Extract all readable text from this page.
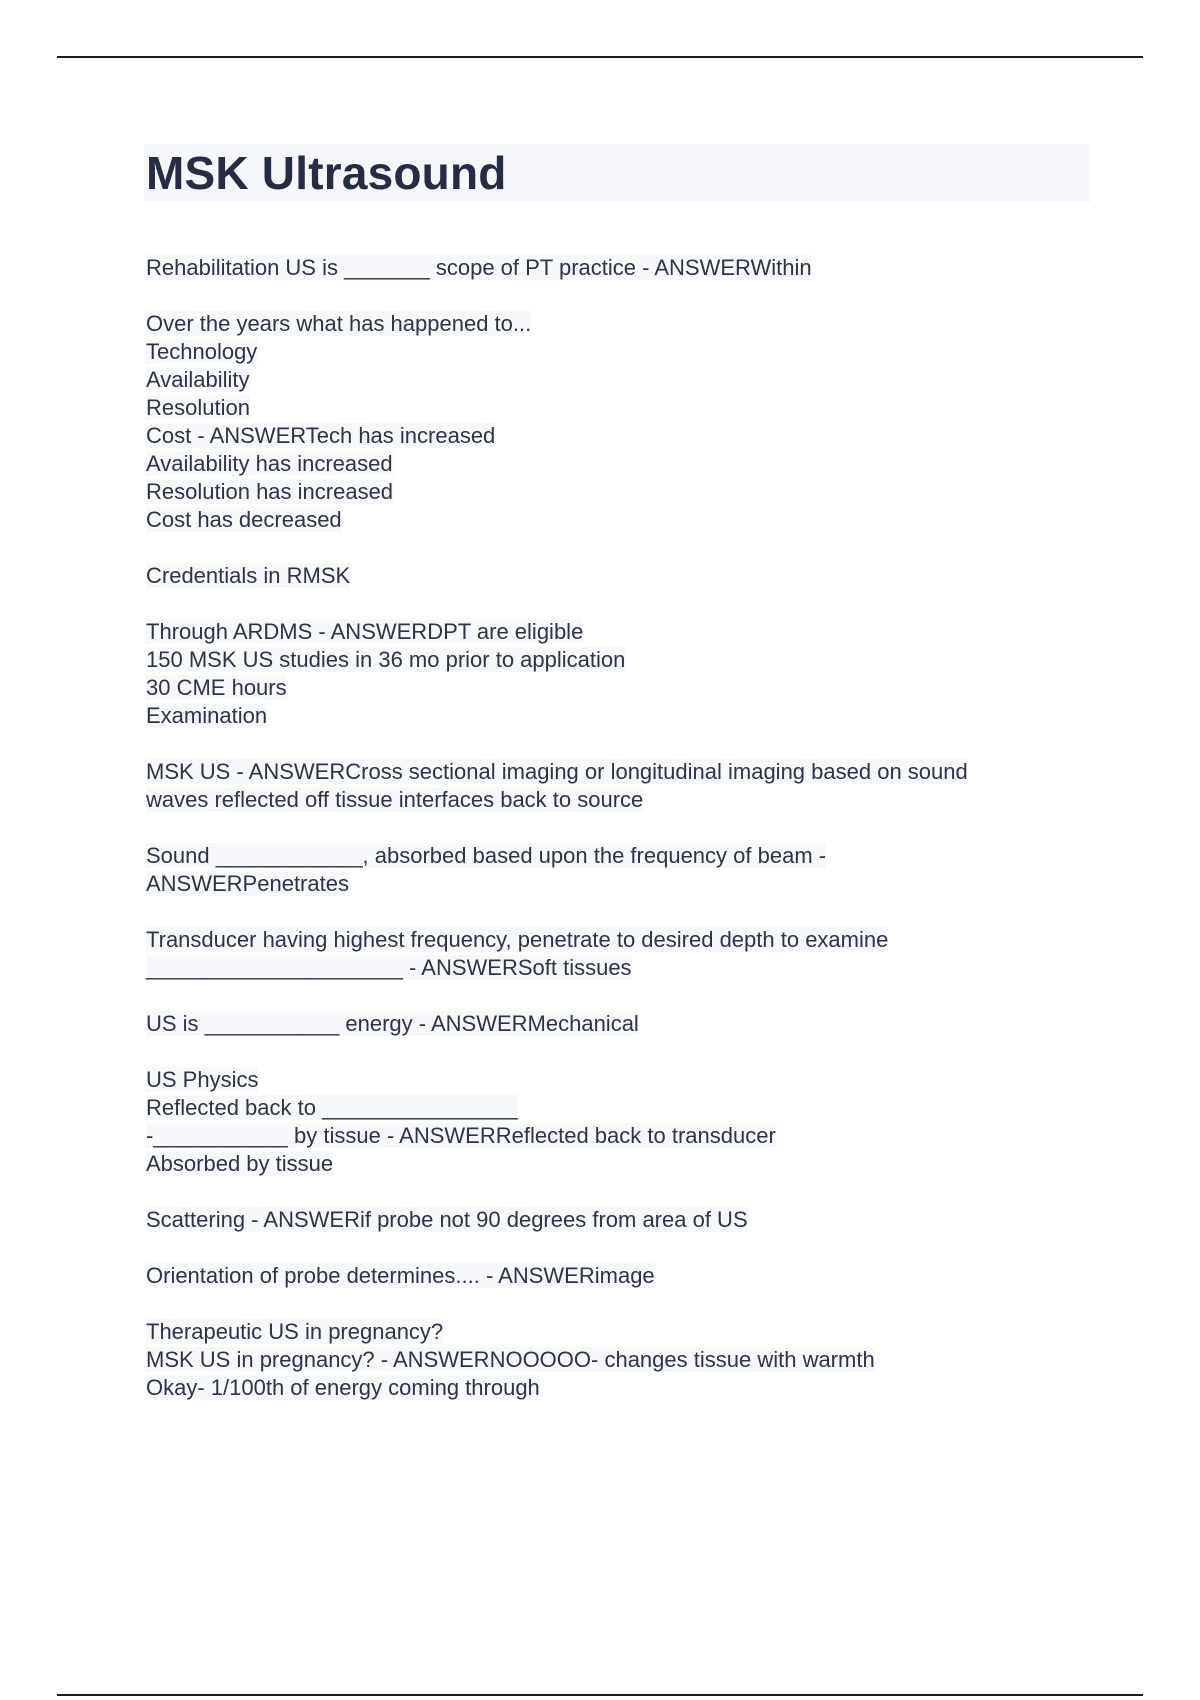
MSK Ultrasound
Rehabilitation US is _______ scope of PT practice - ANSWERWithin
Over the years what has happened to...
Technology
Availability
Resolution
Cost - ANSWERTech has increased
Availability has increased
Resolution has increased
Cost has decreased
Credentials in RMSK
Through ARDMS - ANSWERDPT are eligible
150 MSK US studies in 36 mo prior to application
30 CME hours
Examination
MSK US - ANSWERCross sectional imaging or longitudinal imaging based on sound
waves reflected off tissue interfaces back to source
Sound ____________, absorbed based upon the frequency of beam -
ANSWERPenetrates
Transducer having highest frequency, penetrate to desired depth to examine
_____________________ - ANSWERSoft tissues
US is ___________ energy - ANSWERMechanical
US Physics
Reflected back to ________________
-___________ by tissue - ANSWERReflected back to transducer
Absorbed by tissue
Scattering - ANSWERif probe not 90 degrees from area of US
Orientation of probe determines.... - ANSWERimage
Therapeutic US in pregnancy?
MSK US in pregnancy? - ANSWERNOOOOO- changes tissue with warmth
Okay- 1/100th of energy coming through
